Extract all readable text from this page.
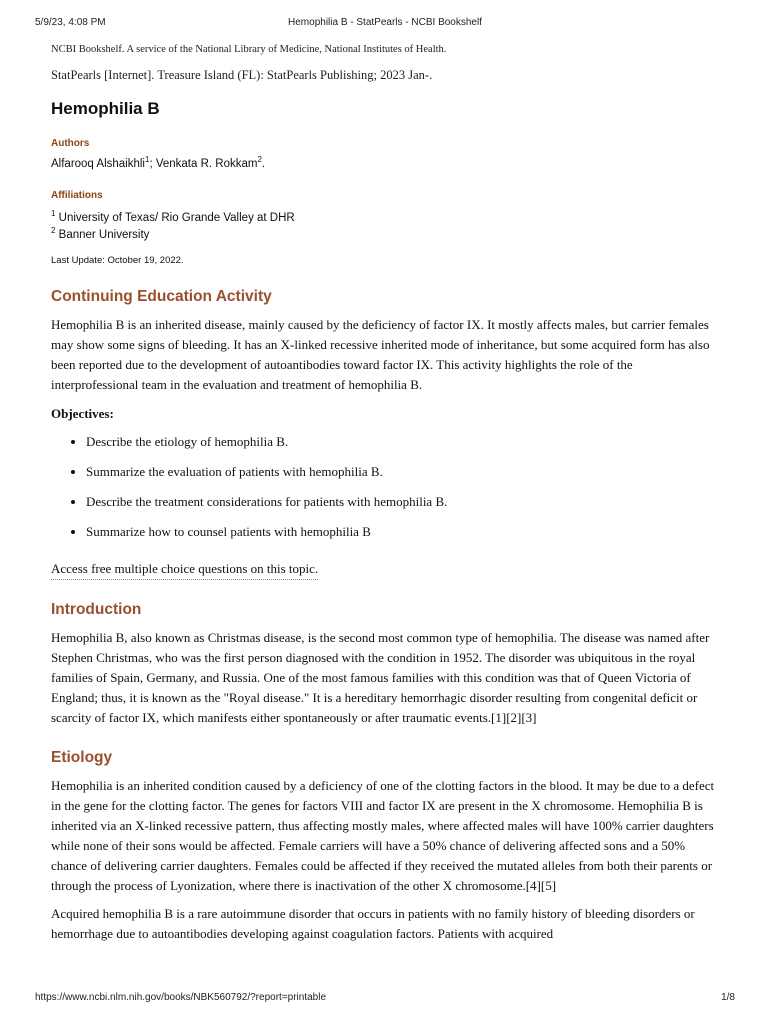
5/9/23, 4:08 PM	Hemophilia B - StatPearls - NCBI Bookshelf

NCBI Bookshelf. A service of the National Library of Medicine, National Institutes of Health.

StatPearls [Internet]. Treasure Island (FL): StatPearls Publishing; 2023 Jan-.

Hemophilia B
Authors
Alfarooq Alshaikhli$^1$; Venkata R. Rokkam$^2$.
Affiliations
$^1$ University of Texas/ Rio Grande Valley at DHR
$^2$ Banner University
Last Update: October 19, 2022.
Continuing Education Activity

Hemophilia B is an inherited disease, mainly caused by the deficiency of factor IX. It mostly affects males, but carrier females may show some signs of bleeding. It has an X-linked recessive inherited mode of inheritance, but some acquired form has also been reported due to the development of autoantibodies toward factor IX. This activity highlights the role of the interprofessional team in the evaluation and treatment of hemophilia B.

Objectives:
• Describe the etiology of hemophilia B.
• Summarize the evaluation of patients with hemophilia B.
• Describe the treatment considerations for patients with hemophilia B.
• Summarize how to counsel patients with hemophilia B
Access free multiple choice questions on this topic.
Introduction

Hemophilia B, also known as Christmas disease, is the second most common type of hemophilia. The disease was named after Stephen Christmas, who was the first person diagnosed with the condition in 1952. The disorder was ubiquitous in the royal families of Spain, Germany, and Russia. One of the most famous families with this condition was that of Queen Victoria of England; thus, it is known as the "Royal disease." It is a hereditary hemorrhagic disorder resulting from congenital deficit or scarcity of factor IX, which manifests either spontaneously or after traumatic events.[1][2][3]

Etiology

Hemophilia is an inherited condition caused by a deficiency of one of the clotting factors in the blood. It may be due to a defect in the gene for the clotting factor. The genes for factors VIII and factor IX are present in the X chromosome. Hemophilia B is inherited via an X-linked recessive pattern, thus affecting mostly males, where affected males will have 100% carrier daughters while none of their sons would be affected. Female carriers will have a 50% chance of delivering affected sons and a 50% chance of delivering carrier daughters. Females could be affected if they received the mutated alleles from both their parents or through the process of Lyonization, where there is inactivation of the other X chromosome.[4][5]

Acquired hemophilia B is a rare autoimmune disorder that occurs in patients with no family history of bleeding disorders or hemorrhage due to autoantibodies developing against coagulation factors. Patients with acquired

https://www.ncbi.nlm.nih.gov/books/NBK560792/?report=printable	1/8
